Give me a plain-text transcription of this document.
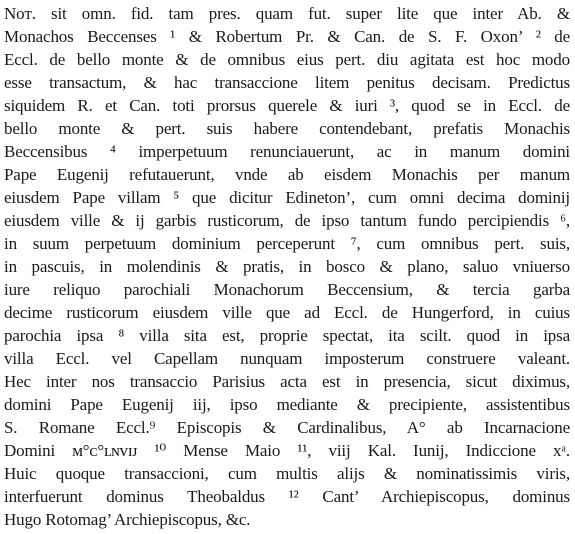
Nᴏᴛ. sit omn. fid. tam pres. quam fut. super lite que inter Ab. &
Monachos Beccenses ¹ & Robertum Pr. & Can. de S. F. Oxon’ ² de
Eccl. de bello monte & de omnibus eius pert. diu agitata est hoc modo
esse transactum, & hac transaccione litem penitus decisam. Predictus
siquidem R. et Can. toti prorsus querele & iuri ³, quod se in Eccl. de
bello monte & pert. suis habere contendebant, prefatis Monachis
Beccensibus ⁴ imperpetuum renunciauerunt, ac in manum domini
Pape Eugenij refutauerunt, vnde ab eisdem Monachis per manum
eiusdem Pape villam ⁵ que dicitur Edineton’, cum omni decima dominij
eiusdem ville & ij garbis rusticorum, de ipso tantum fundo percipiendis ⁶,
in suum perpetuum dominium perceperunt ⁷, cum omnibus pert. suis,
in pascuis, in molendinis & pratis, in bosco & plano, saluo vniuerso
iure reliquo parochiali Monachorum Beccensium, & tercia garba
decime rusticorum eiusdem ville que ad Eccl. de Hungerford, in cuius
parochia ipsa ⁸ villa sita est, proprie spectat, ita scilt. quod in ipsa
villa Eccl. vel Capellam nunquam imposterum construere valeant.
Hec inter nos transaccio Parisius acta est in presencia, sicut diximus,
domini Pape Eugenij iij, ipso mediante & precipiente, assistentibus
S. Romane Eccl.⁹ Episcopis & Cardinalibus, A° ab Incarnacione
Domini ᴍ°ᴄ°ʟɴᴠɪᴊ ¹⁰ Mense Maio ¹¹, viij Kal. Iunij, Indiccione xᵃ.
Huic quoque transaccioni, cum multis alijs & nominatissimis viris,
interfuerunt dominus Theobaldus ¹² Cant’ Archiepiscopus, dominus
Hugo Rotomag’ Archiepiscopus, &c.
